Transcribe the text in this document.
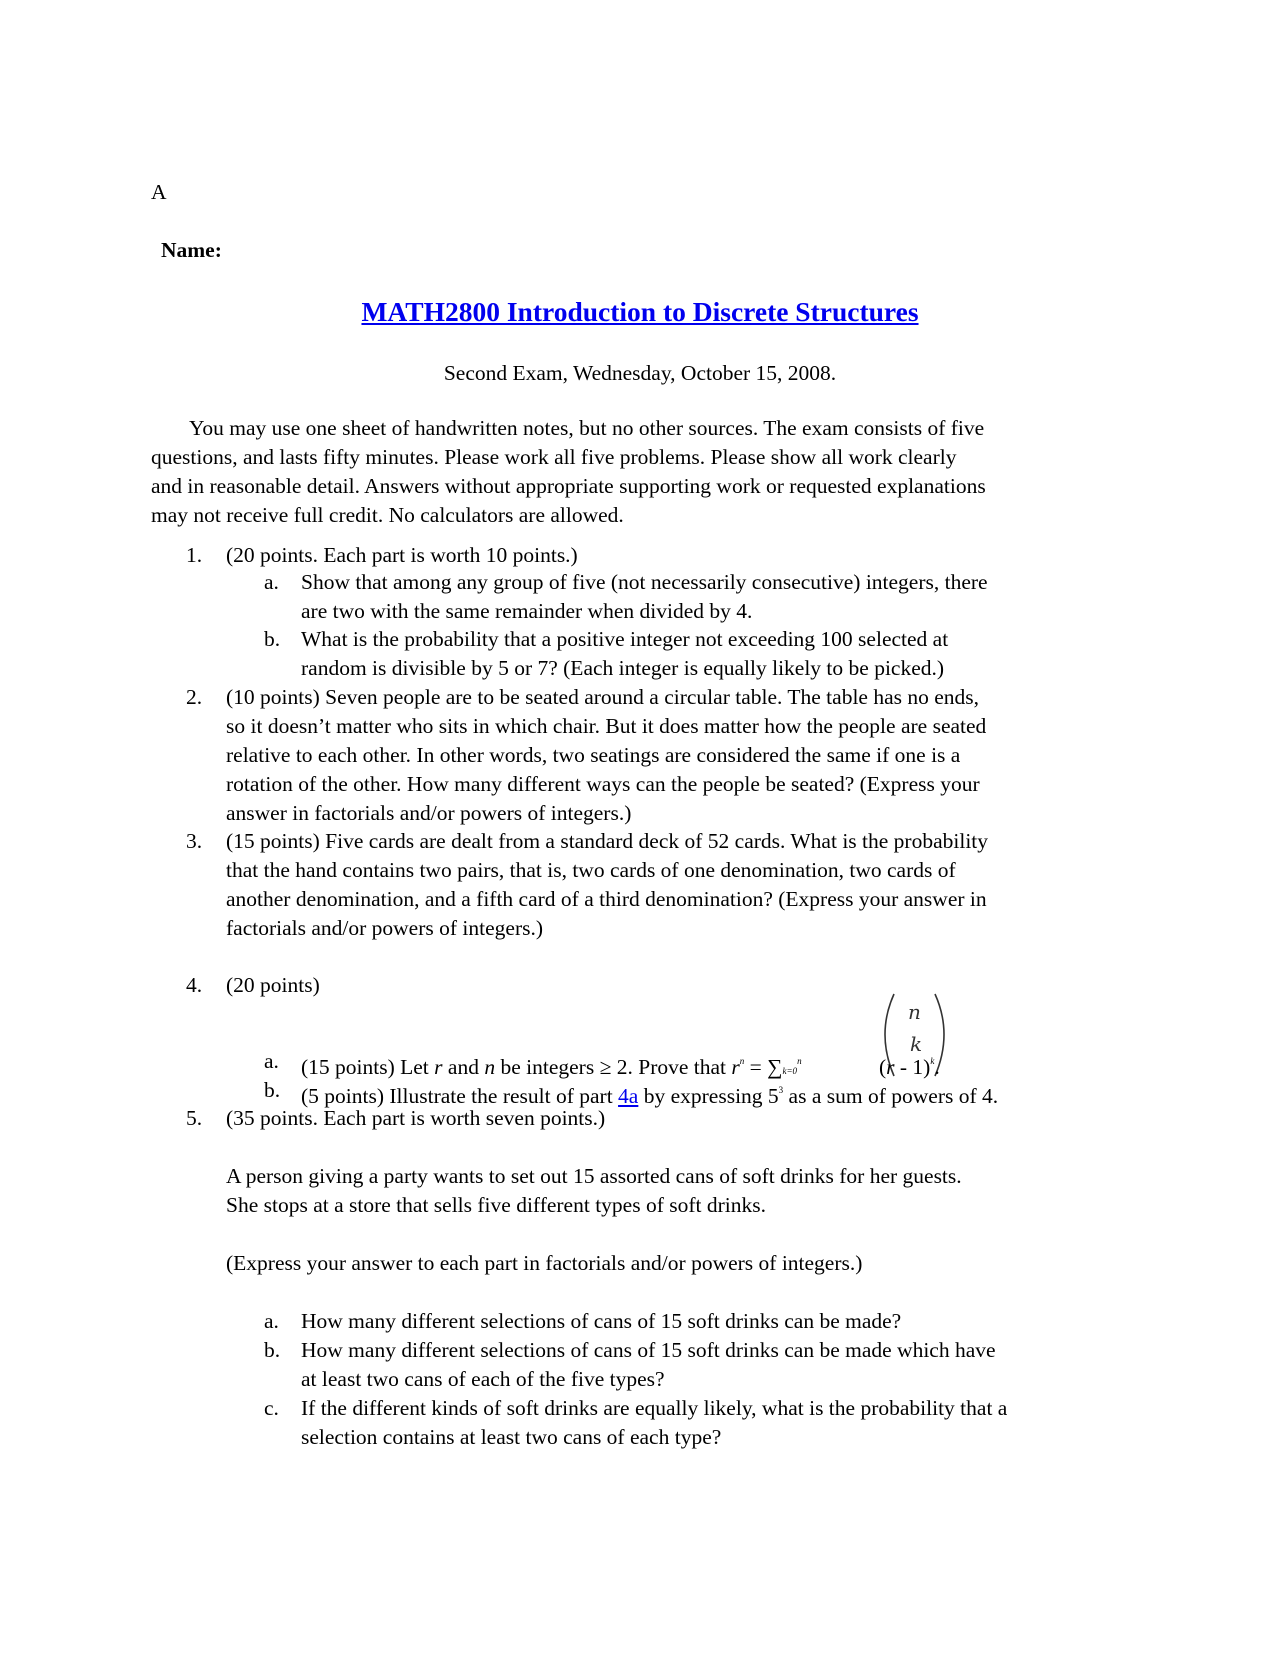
A
Name:
MATH2800 Introduction to Discrete Structures
Second Exam, Wednesday, October 15, 2008.
You may use one sheet of handwritten notes, but no other sources. The exam consists of five
questions, and lasts fifty minutes. Please work all five problems. Please show all work clearly
and in reasonable detail. Answers without appropriate supporting work or requested explanations
may not receive full credit. No calculators are allowed.
1. (20 points. Each part is worth 10 points.)
a. Show that among any group of five (not necessarily consecutive) integers, there
are two with the same remainder when divided by 4.
b. What is the probability that a positive integer not exceeding 100 selected at
random is divisible by 5 or 7? (Each integer is equally likely to be picked.)
2. (10 points) Seven people are to be seated around a circular table. The table has no ends,
so it doesn’t matter who sits in which chair. But it does matter how the people are seated
relative to each other. In other words, two seatings are considered the same if one is a
rotation of the other. How many different ways can the people be seated? (Express your
answer in factorials and/or powers of integers.)
3. (15 points) Five cards are dealt from a standard deck of 52 cards. What is the probability
that the hand contains two pairs, that is, two cards of one denomination, two cards of
another denomination, and a fifth card of a third denomination? (Express your answer in
factorials and/or powers of integers.)
4. (20 points)
n
k
a. (15 points) Let r and n be integers ≥ 2. Prove that $r^n = \sum k=0^n$	(r - 1)$^k$.
b. (5 points) Illustrate the result of part 4a by expressing $5^3$ as a sum of powers of 4.
5. (35 points. Each part is worth seven points.)
A person giving a party wants to set out 15 assorted cans of soft drinks for her guests.
She stops at a store that sells five different types of soft drinks.
(Express your answer to each part in factorials and/or powers of integers.)
a. How many different selections of cans of 15 soft drinks can be made?
b. How many different selections of cans of 15 soft drinks can be made which have
at least two cans of each of the five types?
c. If the different kinds of soft drinks are equally likely, what is the probability that a
selection contains at least two cans of each type?
